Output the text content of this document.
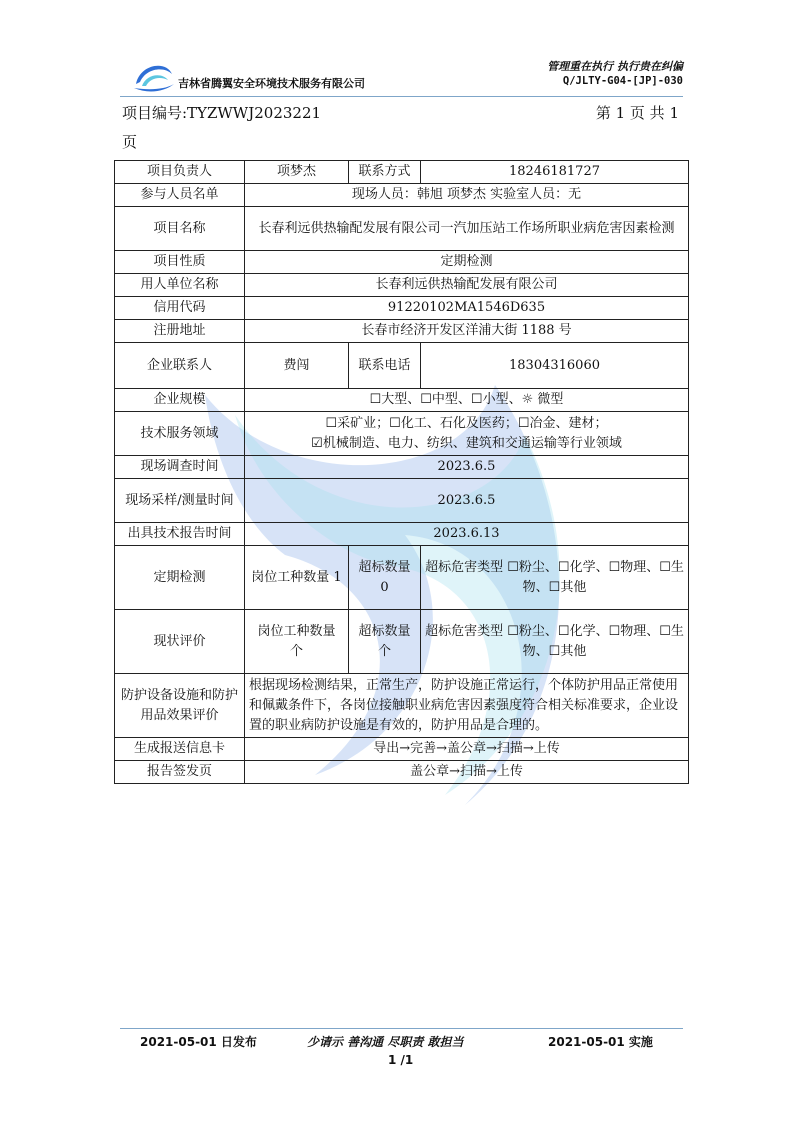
吉林省腾翼安全环境技术服务有限公司
管理重在执行 执行贵在纠偏
Q/JLTY-G04-[JP]-030
项目编号:TYZWWJ2023221	第 1 页 共 1
页
项目负责人	项梦杰	联系方式	18246181727
参与人员名单	现场人员：韩旭 项梦杰 实验室人员：无		
项目名称	长春利远供热输配发展有限公司一汽加压站工作场所职业病危害因素检测		
项目性质	定期检测		
用人单位名称	长春利远供热输配发展有限公司		
信用代码	91220102MA1546D635		
注册地址	长春市经济开发区洋浦大街 1188 号		
企业联系人	费闯	联系电话	18304316060
企业规模	☐大型、☐中型、☐小型、☼ 微型		
技术服务领域	☐采矿业；☐化工、石化及医药；☐冶金、建材；
☑机械制造、电力、纺织、建筑和交通运输等行业领域		

现场调查时间	2023.6.5		
现场采样/测量时间	2023.6.5		
出具技术报告时间	2023.6.13		
定期检测	岗位工种数量 1	超标数量 0	超标危害类型 ☐粉尘、☐化学、☐物理、☐生物、☐其他
现状评价	岗位工种数量 个	超标数量 个	超标危害类型 ☐粉尘、☐化学、☐物理、☐生物、☐其他
防护设备设施和防护用品效果评价	根据现场检测结果，正常生产，防护设施正常运行，个体防护用品正常使用和佩戴条件下，各岗位接触职业病危害因素强度符合相关标准要求，企业设置的职业病防护设施是有效的，防护用品是合理的。		
生成报送信息卡	导出→完善→盖公章→扫描→上传		
报告签发页	盖公章→扫描→上传		
2021-05-01 日发布	少请示 善沟通 尽职责 敢担当	2021-05-01 实施
1 /1
